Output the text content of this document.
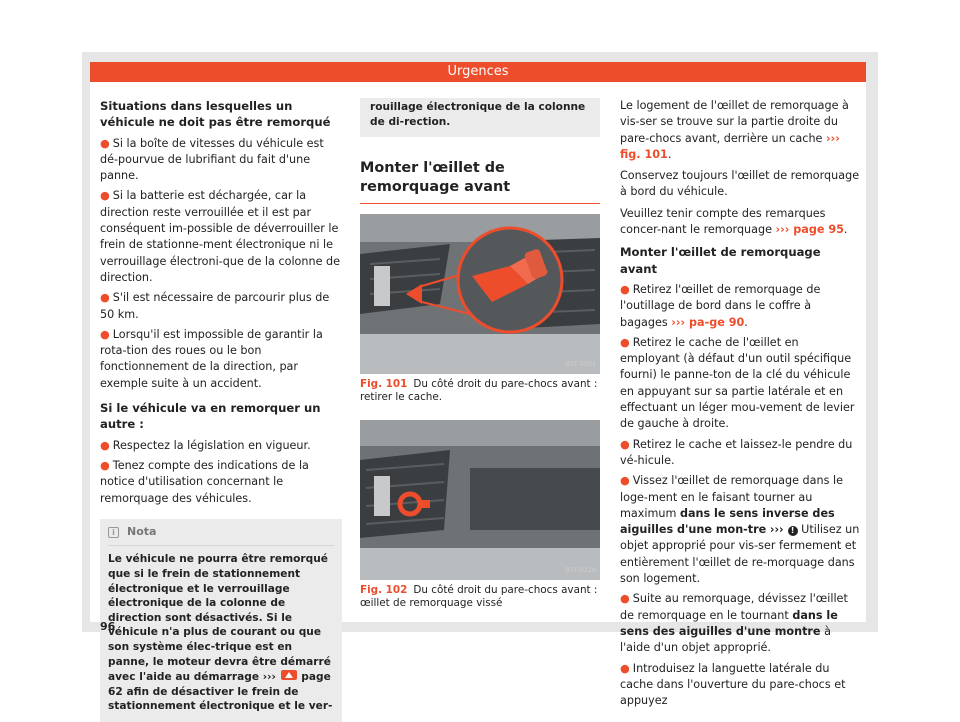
Urgences
Situations dans lesquelles un véhicule ne doit pas être remorqué
● Si la boîte de vitesses du véhicule est dé-pourvue de lubrifiant du fait d'une panne.
● Si la batterie est déchargée, car la direction reste verrouillée et il est par conséquent im-possible de déverrouiller le frein de stationne-ment électronique ni le verrouillage électroni-que de la colonne de direction.
● S'il est nécessaire de parcourir plus de 50 km.
● Lorsqu'il est impossible de garantir la rota-tion des roues ou le bon fonctionnement de la direction, par exemple suite à un accident.
Si le véhicule va en remorquer un autre :
● Respectez la législation en vigueur.
● Tenez compte des indications de la notice d'utilisation concernant le remorquage des véhicules.
i	Nota
Le véhicule ne pourra être remorqué que si le frein de stationnement électronique et le verrouillage électronique de la colonne de direction sont désactivés. Si le véhicule n'a plus de courant ou que son système élec-trique est en panne, le moteur devra être démarré avec l'aide au démarrage ››› page 62 afin de désactiver le frein de stationnement électronique et le ver-
rouillage électronique de la colonne de di-rection.
Monter l'œillet de remorquage avant
B5T-0301
Fig. 101 Du côté droit du pare-chocs avant : retirer le cache.
B5T-0228
Fig. 102 Du côté droit du pare-chocs avant : œillet de remorquage vissé
Le logement de l'œillet de remorquage à vis-ser se trouve sur la partie droite du pare-chocs avant, derrière un cache ››› fig. 101.
Conservez toujours l'œillet de remorquage à bord du véhicule.
Veuillez tenir compte des remarques concer-nant le remorquage ››› page 95.
Monter l'œillet de remorquage avant
● Retirez l'œillet de remorquage de l'outillage de bord dans le coffre à bagages ››› pa-ge 90.
● Retirez le cache de l'œillet en employant (à défaut d'un outil spécifique fourni) le panne-ton de la clé du véhicule en appuyant sur sa partie latérale et en effectuant un léger mou-vement de levier de gauche à droite.
● Retirez le cache et laissez-le pendre du vé-hicule.
● Vissez l'œillet de remorquage dans le loge-ment en le faisant tourner au maximum dans le sens inverse des aiguilles d'une mon-tre ››› ! Utilisez un objet approprié pour vis-ser fermement et entièrement l'œillet de re-morquage dans son logement.
● Suite au remorquage, dévissez l'œillet de remorquage en le tournant dans le sens des aiguilles d'une montre à l'aide d'un objet approprié.
● Introduisez la languette latérale du cache dans l'ouverture du pare-chocs et appuyez
96
